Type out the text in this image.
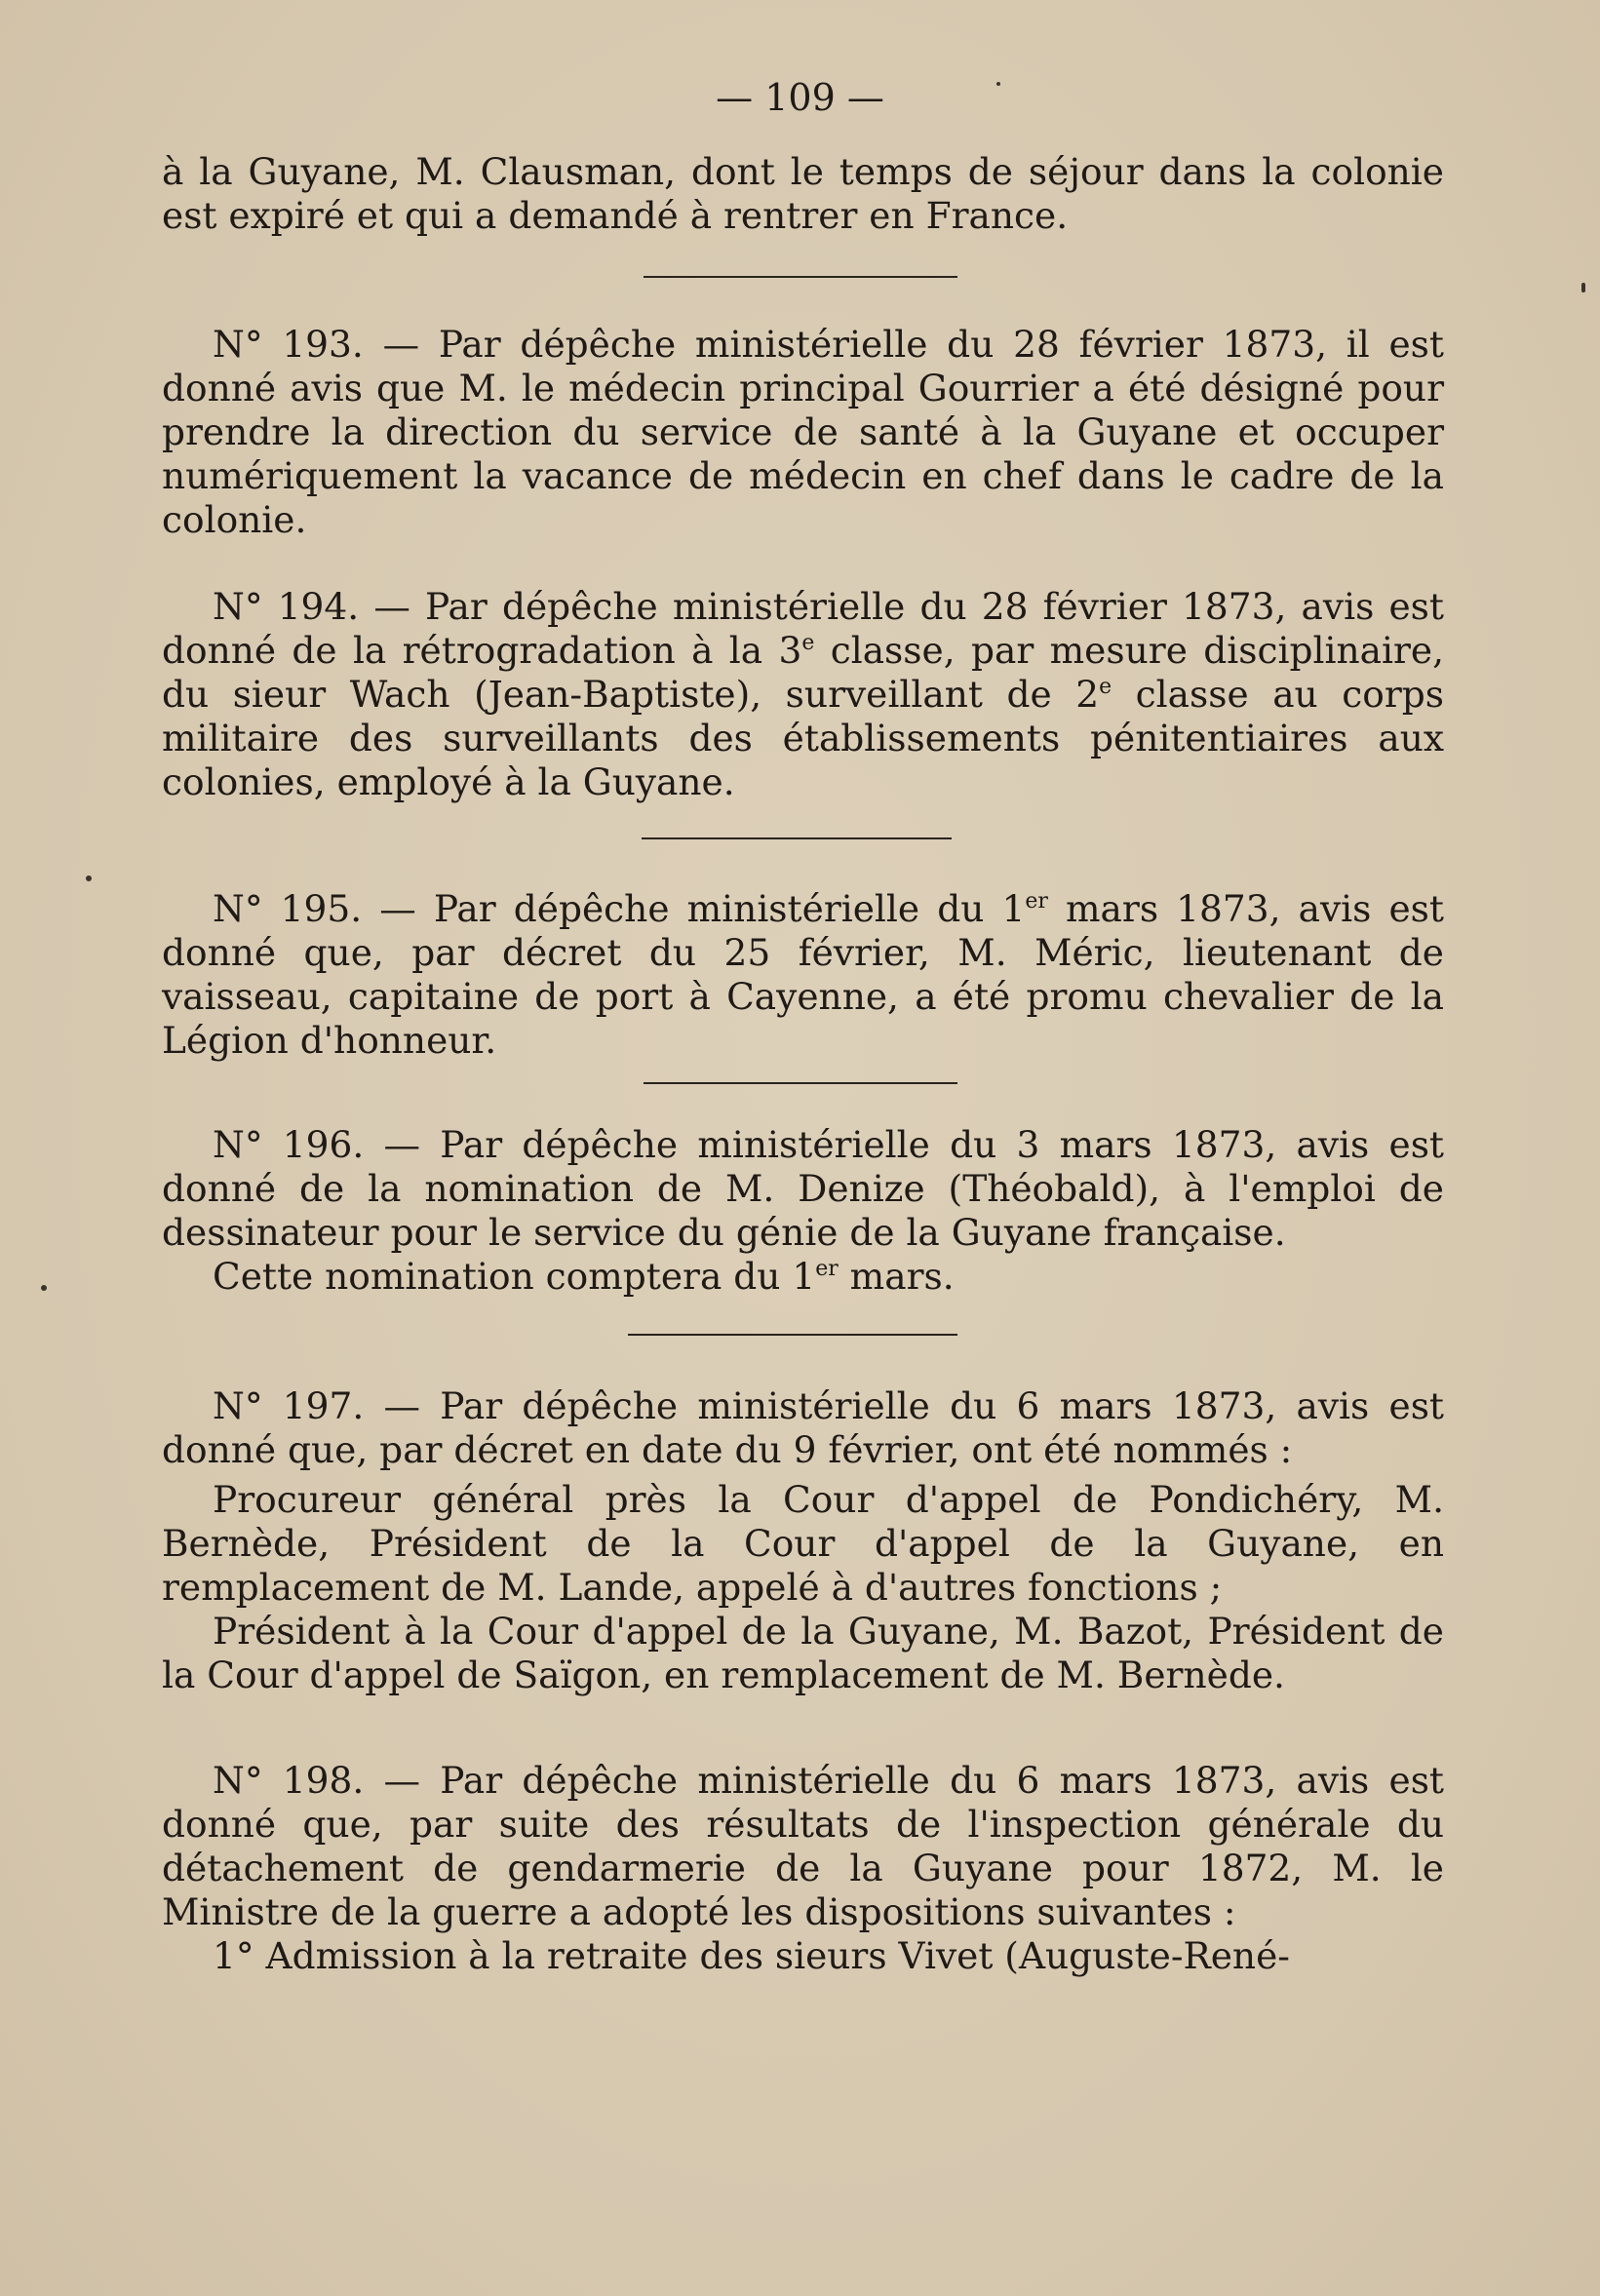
— 109 —

à la Guyane, M. Clausman, dont le temps de séjour dans la colonie est expiré et qui a demandé à rentrer en France.

N° 193. — Par dépêche ministérielle du 28 février 1873, il est donné avis que M. le médecin principal Gourrier a été désigné pour prendre la direction du service de santé à la Guyane et occuper numériquement la vacance de médecin en chef dans le cadre de la colonie.

N° 194. — Par dépêche ministérielle du 28 février 1873, avis est donné de la rétrogradation à la 3e classe, par mesure disciplinaire, du sieur Wach (Jean-Baptiste), surveillant de 2e classe au corps militaire des surveillants des établissements pénitentiaires aux colonies, employé à la Guyane.

N° 195. — Par dépêche ministérielle du 1er mars 1873, avis est donné que, par décret du 25 février, M. Méric, lieutenant de vaisseau, capitaine de port à Cayenne, a été promu chevalier de la Légion d'honneur.

N° 196. — Par dépêche ministérielle du 3 mars 1873, avis est donné de la nomination de M. Denize (Théobald), à l'emploi de dessinateur pour le service du génie de la Guyane française.

Cette nomination comptera du 1er mars.

N° 197. — Par dépêche ministérielle du 6 mars 1873, avis est donné que, par décret en date du 9 février, ont été nommés :

Procureur général près la Cour d'appel de Pondichéry, M. Bernède, Président de la Cour d'appel de la Guyane, en remplacement de M. Lande, appelé à d'autres fonctions ;

Président à la Cour d'appel de la Guyane, M. Bazot, Président de la Cour d'appel de Saïgon, en remplacement de M. Bernède.

N° 198. — Par dépêche ministérielle du 6 mars 1873, avis est donné que, par suite des résultats de l'inspection générale du détachement de gendarmerie de la Guyane pour 1872, M. le Ministre de la guerre a adopté les dispositions suivantes :

1° Admission à la retraite des sieurs Vivet (Auguste-René-
